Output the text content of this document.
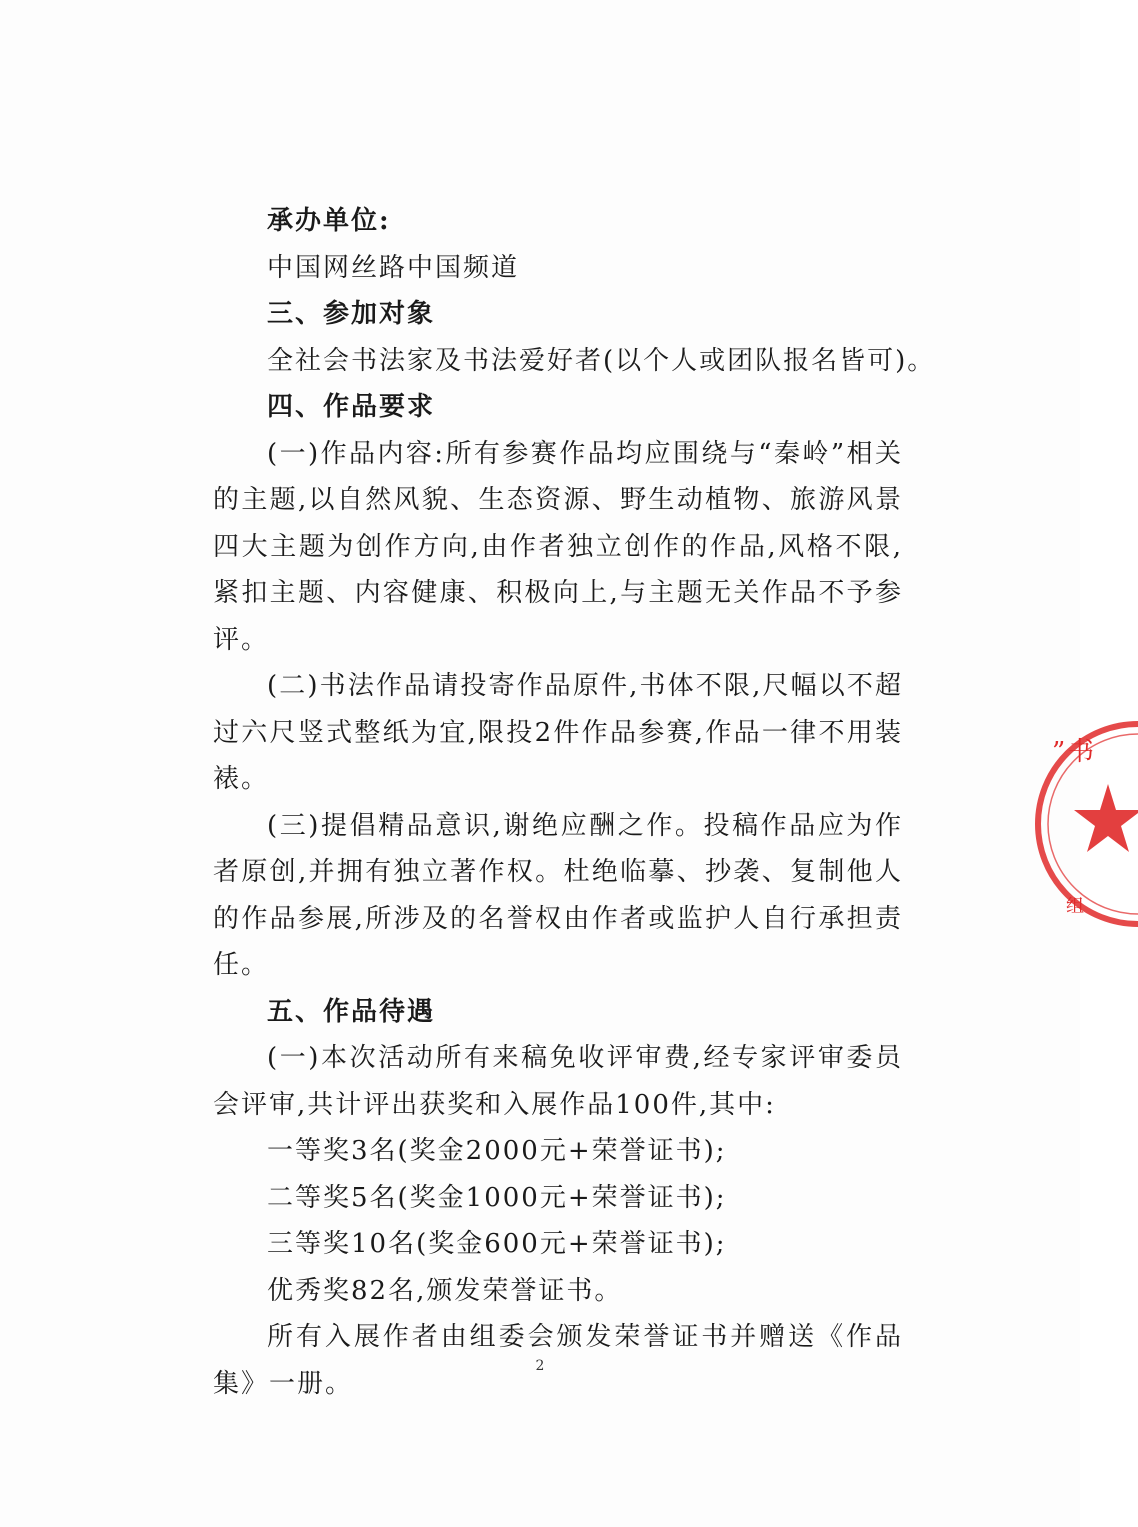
承办单位:
中国网丝路中国频道
三、参加对象
全社会书法家及书法爱好者(以个人或团队报名皆可)。
四、作品要求
(一)作品内容:所有参赛作品均应围绕与“秦岭”相关的主题,以自然风貌、生态资源、野生动植物、旅游风景四大主题为创作方向,由作者独立创作的作品,风格不限,紧扣主题、内容健康、积极向上,与主题无关作品不予参评。
(二)书法作品请投寄作品原件,书体不限,尺幅以不超过六尺竖式整纸为宜,限投2件作品参赛,作品一律不用装裱。
(三)提倡精品意识,谢绝应酬之作。投稿作品应为作者原创,并拥有独立著作权。杜绝临摹、抄袭、复制他人的作品参展,所涉及的名誉权由作者或监护人自行承担责任。
五、作品待遇
(一)本次活动所有来稿免收评审费,经专家评审委员会评审,共计评出获奖和入展作品100件,其中:
一等奖3名(奖金2000元+荣誉证书);
二等奖5名(奖金1000元+荣誉证书);
三等奖10名(奖金600元+荣誉证书);
优秀奖82名,颁发荣誉证书。
所有入展作者由组委会颁发荣誉证书并赠送《作品集》一册。
2
” 书
组
